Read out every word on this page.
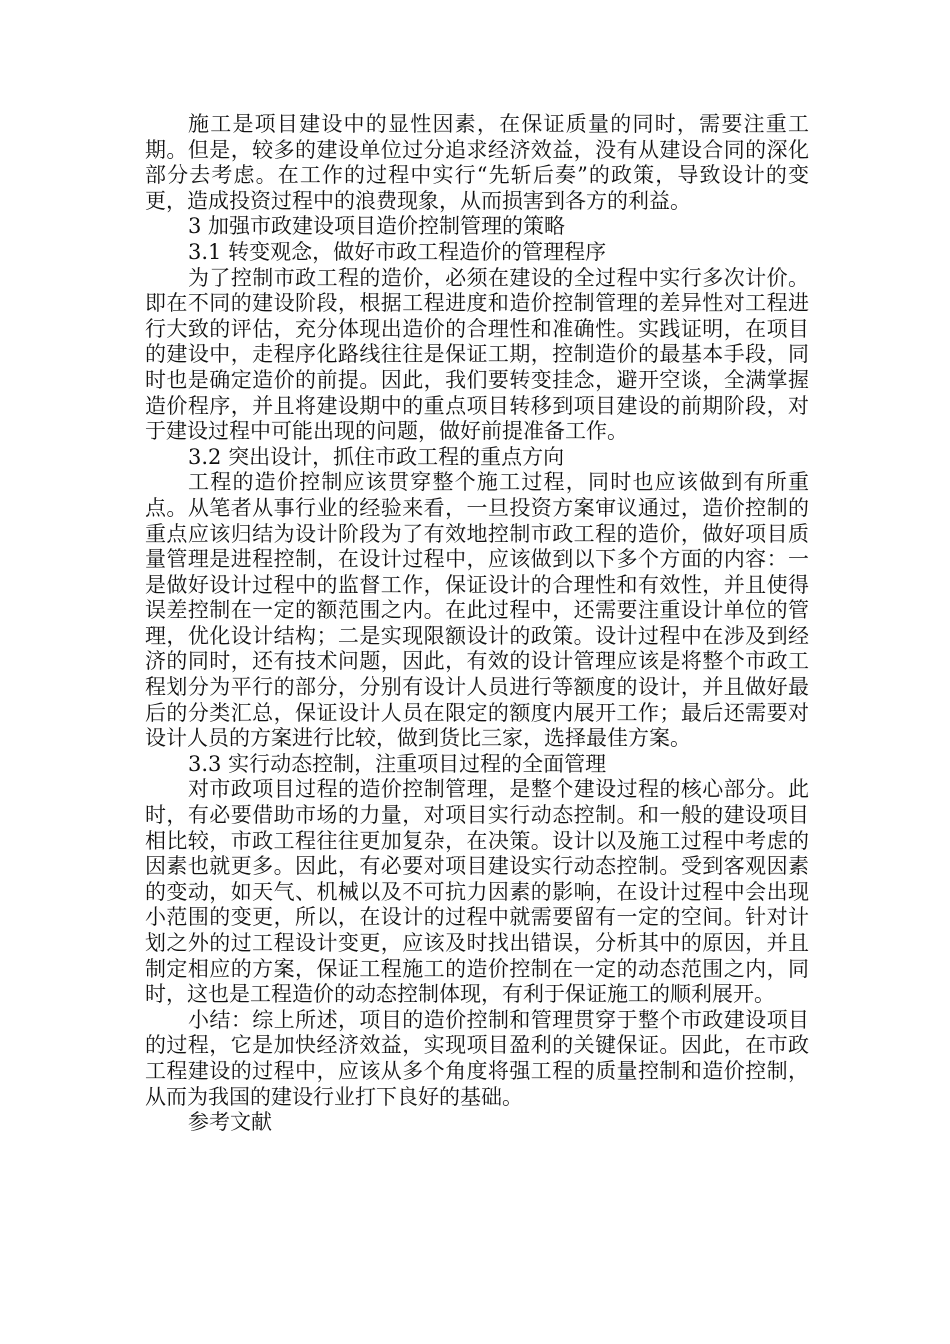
施工是项目建设中的显性因素，在保证质量的同时，需要注重工期。但是，较多的建设单位过分追求经济效益，没有从建设合同的深化部分去考虑。在工作的过程中实行“先斩后奏”的政策，导致设计的变更，造成投资过程中的浪费现象，从而损害到各方的利益。

3 加强市政建设项目造价控制管理的策略

3.1 转变观念，做好市政工程造价的管理程序

为了控制市政工程的造价，必须在建设的全过程中实行多次计价。即在不同的建设阶段，根据工程进度和造价控制管理的差异性对工程进行大致的评估，充分体现出造价的合理性和准确性。实践证明，在项目的建设中，走程序化路线往往是保证工期，控制造价的最基本手段，同时也是确定造价的前提。因此，我们要转变挂念，避开空谈，全满掌握造价程序，并且将建设期中的重点项目转移到项目建设的前期阶段，对于建设过程中可能出现的问题，做好前提准备工作。

3.2 突出设计，抓住市政工程的重点方向

工程的造价控制应该贯穿整个施工过程，同时也应该做到有所重点。从笔者从事行业的经验来看，一旦投资方案审议通过，造价控制的重点应该归结为设计阶段为了有效地控制市政工程的造价，做好项目质量管理是进程控制，在设计过程中，应该做到以下多个方面的内容：一是做好设计过程中的监督工作，保证设计的合理性和有效性，并且使得误差控制在一定的额范围之内。在此过程中，还需要注重设计单位的管理，优化设计结构；二是实现限额设计的政策。设计过程中在涉及到经济的同时，还有技术问题，因此，有效的设计管理应该是将整个市政工程划分为平行的部分，分别有设计人员进行等额度的设计，并且做好最后的分类汇总，保证设计人员在限定的额度内展开工作；最后还需要对设计人员的方案进行比较，做到货比三家，选择最佳方案。

3.3 实行动态控制，注重项目过程的全面管理

对市政项目过程的造价控制管理，是整个建设过程的核心部分。此时，有必要借助市场的力量，对项目实行动态控制。和一般的建设项目相比较，市政工程往往更加复杂，在决策。设计以及施工过程中考虑的因素也就更多。因此，有必要对项目建设实行动态控制。受到客观因素的变动，如天气、机械以及不可抗力因素的影响，在设计过程中会出现小范围的变更，所以，在设计的过程中就需要留有一定的空间。针对计划之外的过工程设计变更，应该及时找出错误，分析其中的原因，并且制定相应的方案，保证工程施工的造价控制在一定的动态范围之内，同时，这也是工程造价的动态控制体现，有利于保证施工的顺利展开。

小结：综上所述，项目的造价控制和管理贯穿于整个市政建设项目的过程，它是加快经济效益，实现项目盈利的关键保证。因此，在市政工程建设的过程中，应该从多个角度将强工程的质量控制和造价控制，从而为我国的建设行业打下良好的基础。

参考文献
